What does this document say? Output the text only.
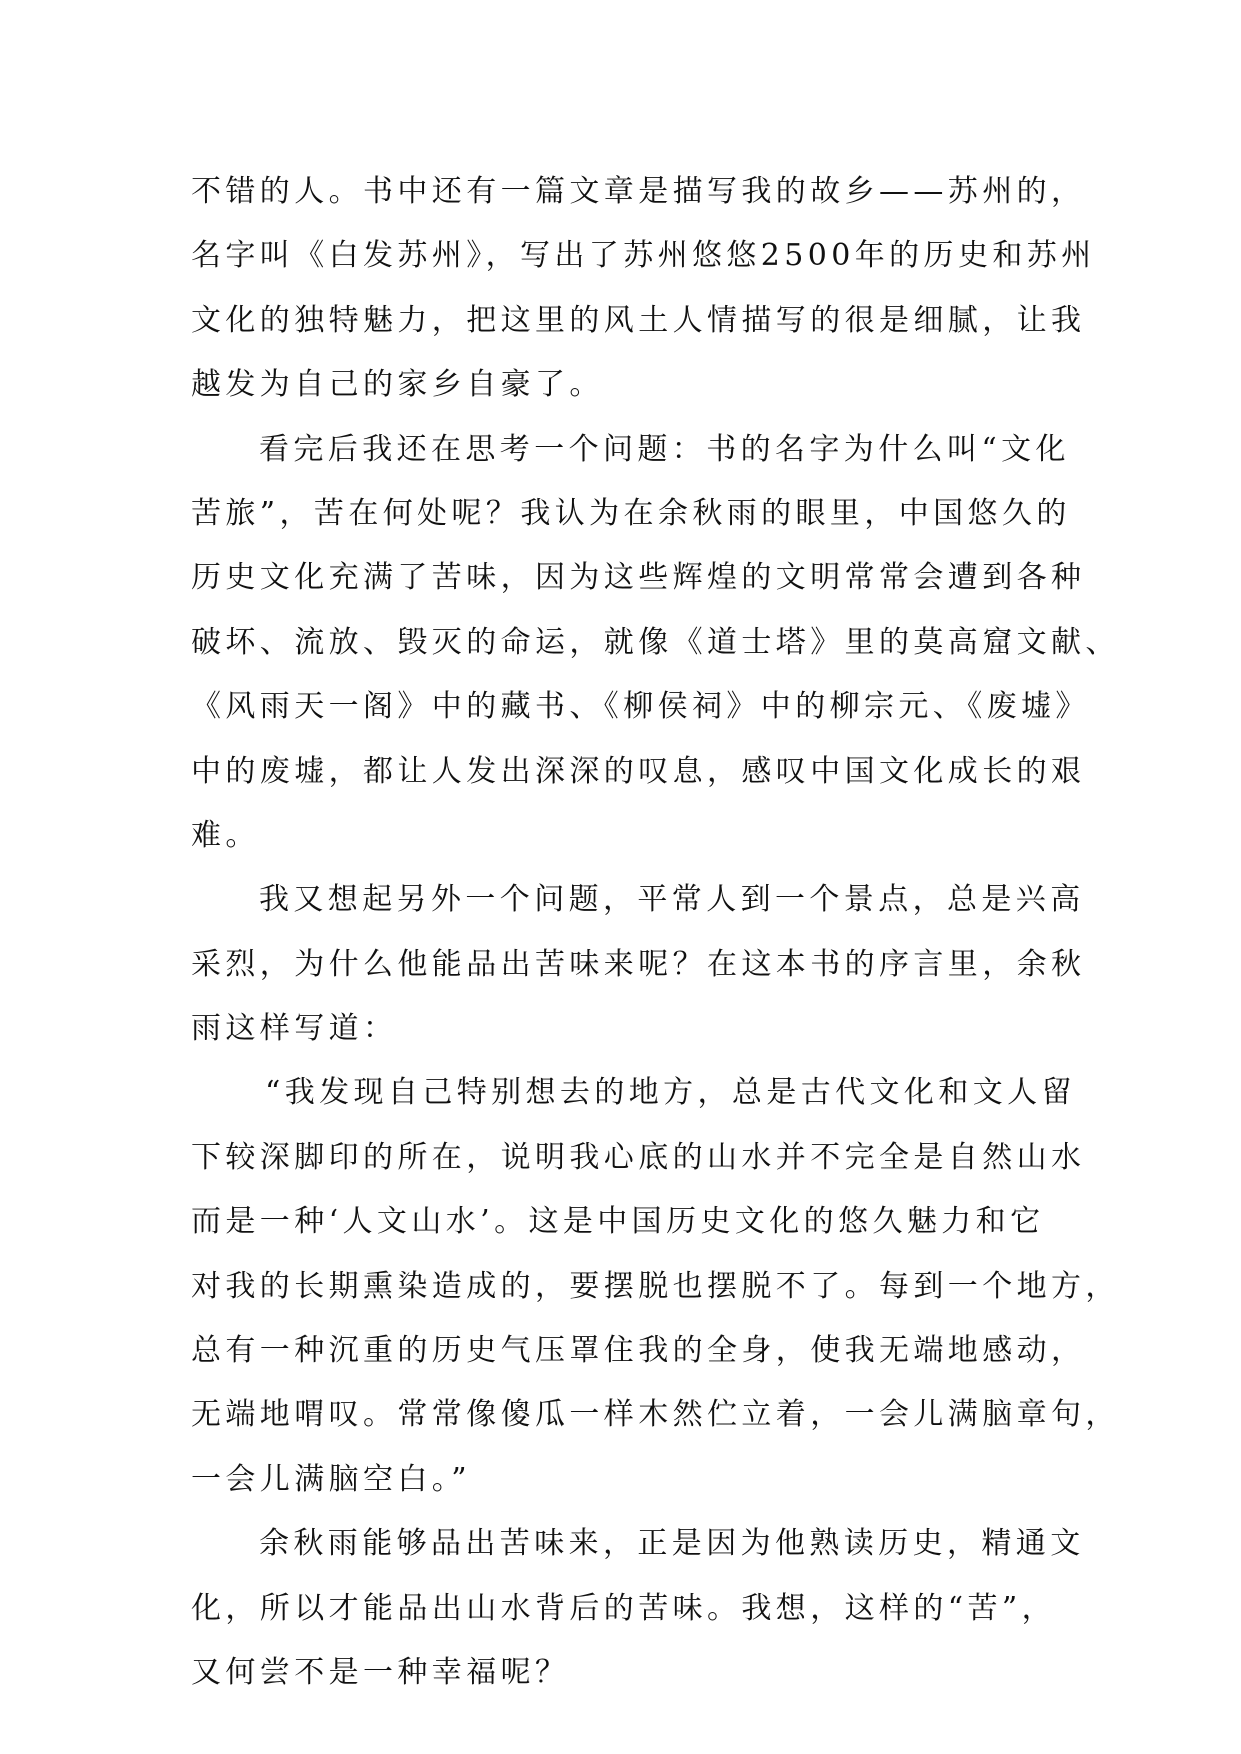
不错的人。书中还有一篇文章是描写我的故乡——苏州的，
名字叫《白发苏州》，写出了苏州悠悠2500年的历史和苏州
文化的独特魅力，把这里的风土人情描写的很是细腻，让我
越发为自己的家乡自豪了。
看完后我还在思考一个问题：书的名字为什么叫“文化
苦旅”，苦在何处呢？我认为在余秋雨的眼里，中国悠久的
历史文化充满了苦味，因为这些辉煌的文明常常会遭到各种
破坏、流放、毁灭的命运，就像《道士塔》里的莫高窟文献、
《风雨天一阁》中的藏书、《柳侯祠》中的柳宗元、《废墟》
中的废墟，都让人发出深深的叹息，感叹中国文化成长的艰
难。
我又想起另外一个问题，平常人到一个景点，总是兴高
采烈，为什么他能品出苦味来呢？在这本书的序言里，余秋
雨这样写道：
“我发现自己特别想去的地方，总是古代文化和文人留
下较深脚印的所在，说明我心底的山水并不完全是自然山水
而是一种‘人文山水’。这是中国历史文化的悠久魅力和它
对我的长期熏染造成的，要摆脱也摆脱不了。每到一个地方，
总有一种沉重的历史气压罩住我的全身，使我无端地感动，
无端地喟叹。常常像傻瓜一样木然伫立着，一会儿满脑章句，
一会儿满脑空白。”
余秋雨能够品出苦味来，正是因为他熟读历史，精通文
化，所以才能品出山水背后的苦味。我想，这样的“苦”，
又何尝不是一种幸福呢？
